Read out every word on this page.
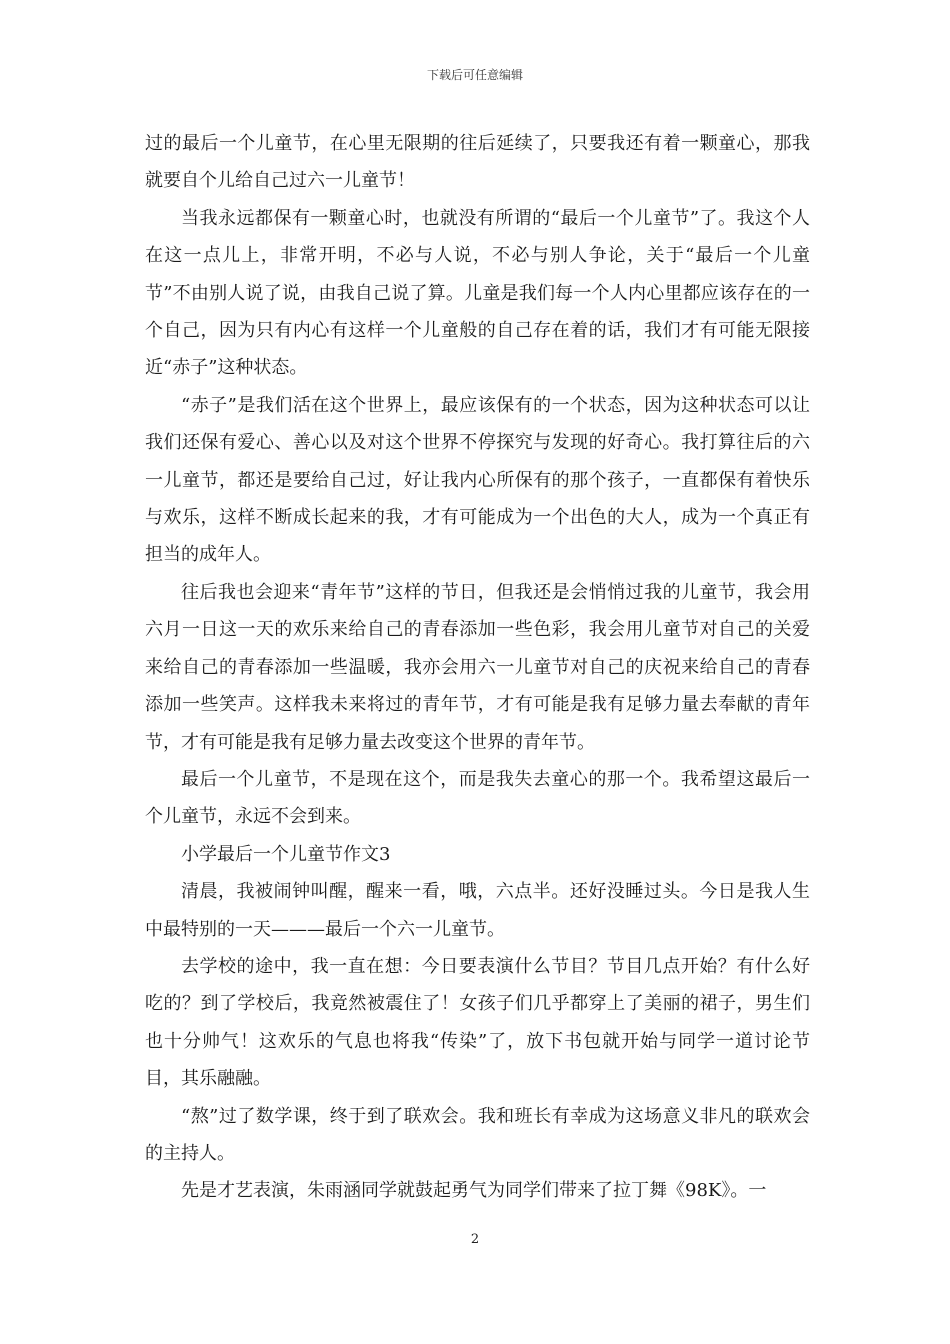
下载后可任意编辑

过的最后一个儿童节，在心里无限期的往后延续了，只要我还有着一颗童心，那我就要自个儿给自己过六一儿童节！

当我永远都保有一颗童心时，也就没有所谓的“最后一个儿童节”了。我这个人在这一点儿上，非常开明，不必与人说，不必与别人争论，关于“最后一个儿童节”不由别人说了说，由我自己说了算。儿童是我们每一个人内心里都应该存在的一个自己，因为只有内心有这样一个儿童般的自己存在着的话，我们才有可能无限接近“赤子”这种状态。

“赤子”是我们活在这个世界上，最应该保有的一个状态，因为这种状态可以让我们还保有爱心、善心以及对这个世界不停探究与发现的好奇心。我打算往后的六一儿童节，都还是要给自己过，好让我内心所保有的那个孩子，一直都保有着快乐与欢乐，这样不断成长起来的我，才有可能成为一个出色的大人，成为一个真正有担当的成年人。

往后我也会迎来“青年节”这样的节日，但我还是会悄悄过我的儿童节，我会用六月一日这一天的欢乐来给自己的青春添加一些色彩，我会用儿童节对自己的关爱来给自己的青春添加一些温暖，我亦会用六一儿童节对自己的庆祝来给自己的青春添加一些笑声。这样我未来将过的青年节，才有可能是我有足够力量去奉献的青年节，才有可能是我有足够力量去改变这个世界的青年节。

最后一个儿童节，不是现在这个，而是我失去童心的那一个。我希望这最后一个儿童节，永远不会到来。

小学最后一个儿童节作文3

清晨，我被闹钟叫醒，醒来一看，哦，六点半。还好没睡过头。今日是我人生中最特别的一天———最后一个六一儿童节。

去学校的途中，我一直在想：今日要表演什么节目？节目几点开始？有什么好吃的？到了学校后，我竟然被震住了！女孩子们几乎都穿上了美丽的裙子，男生们也十分帅气！这欢乐的气息也将我“传染”了，放下书包就开始与同学一道讨论节目，其乐融融。

“熬”过了数学课，终于到了联欢会。我和班长有幸成为这场意义非凡的联欢会的主持人。

先是才艺表演，朱雨涵同学就鼓起勇气为同学们带来了拉丁舞《98K》。一

2
